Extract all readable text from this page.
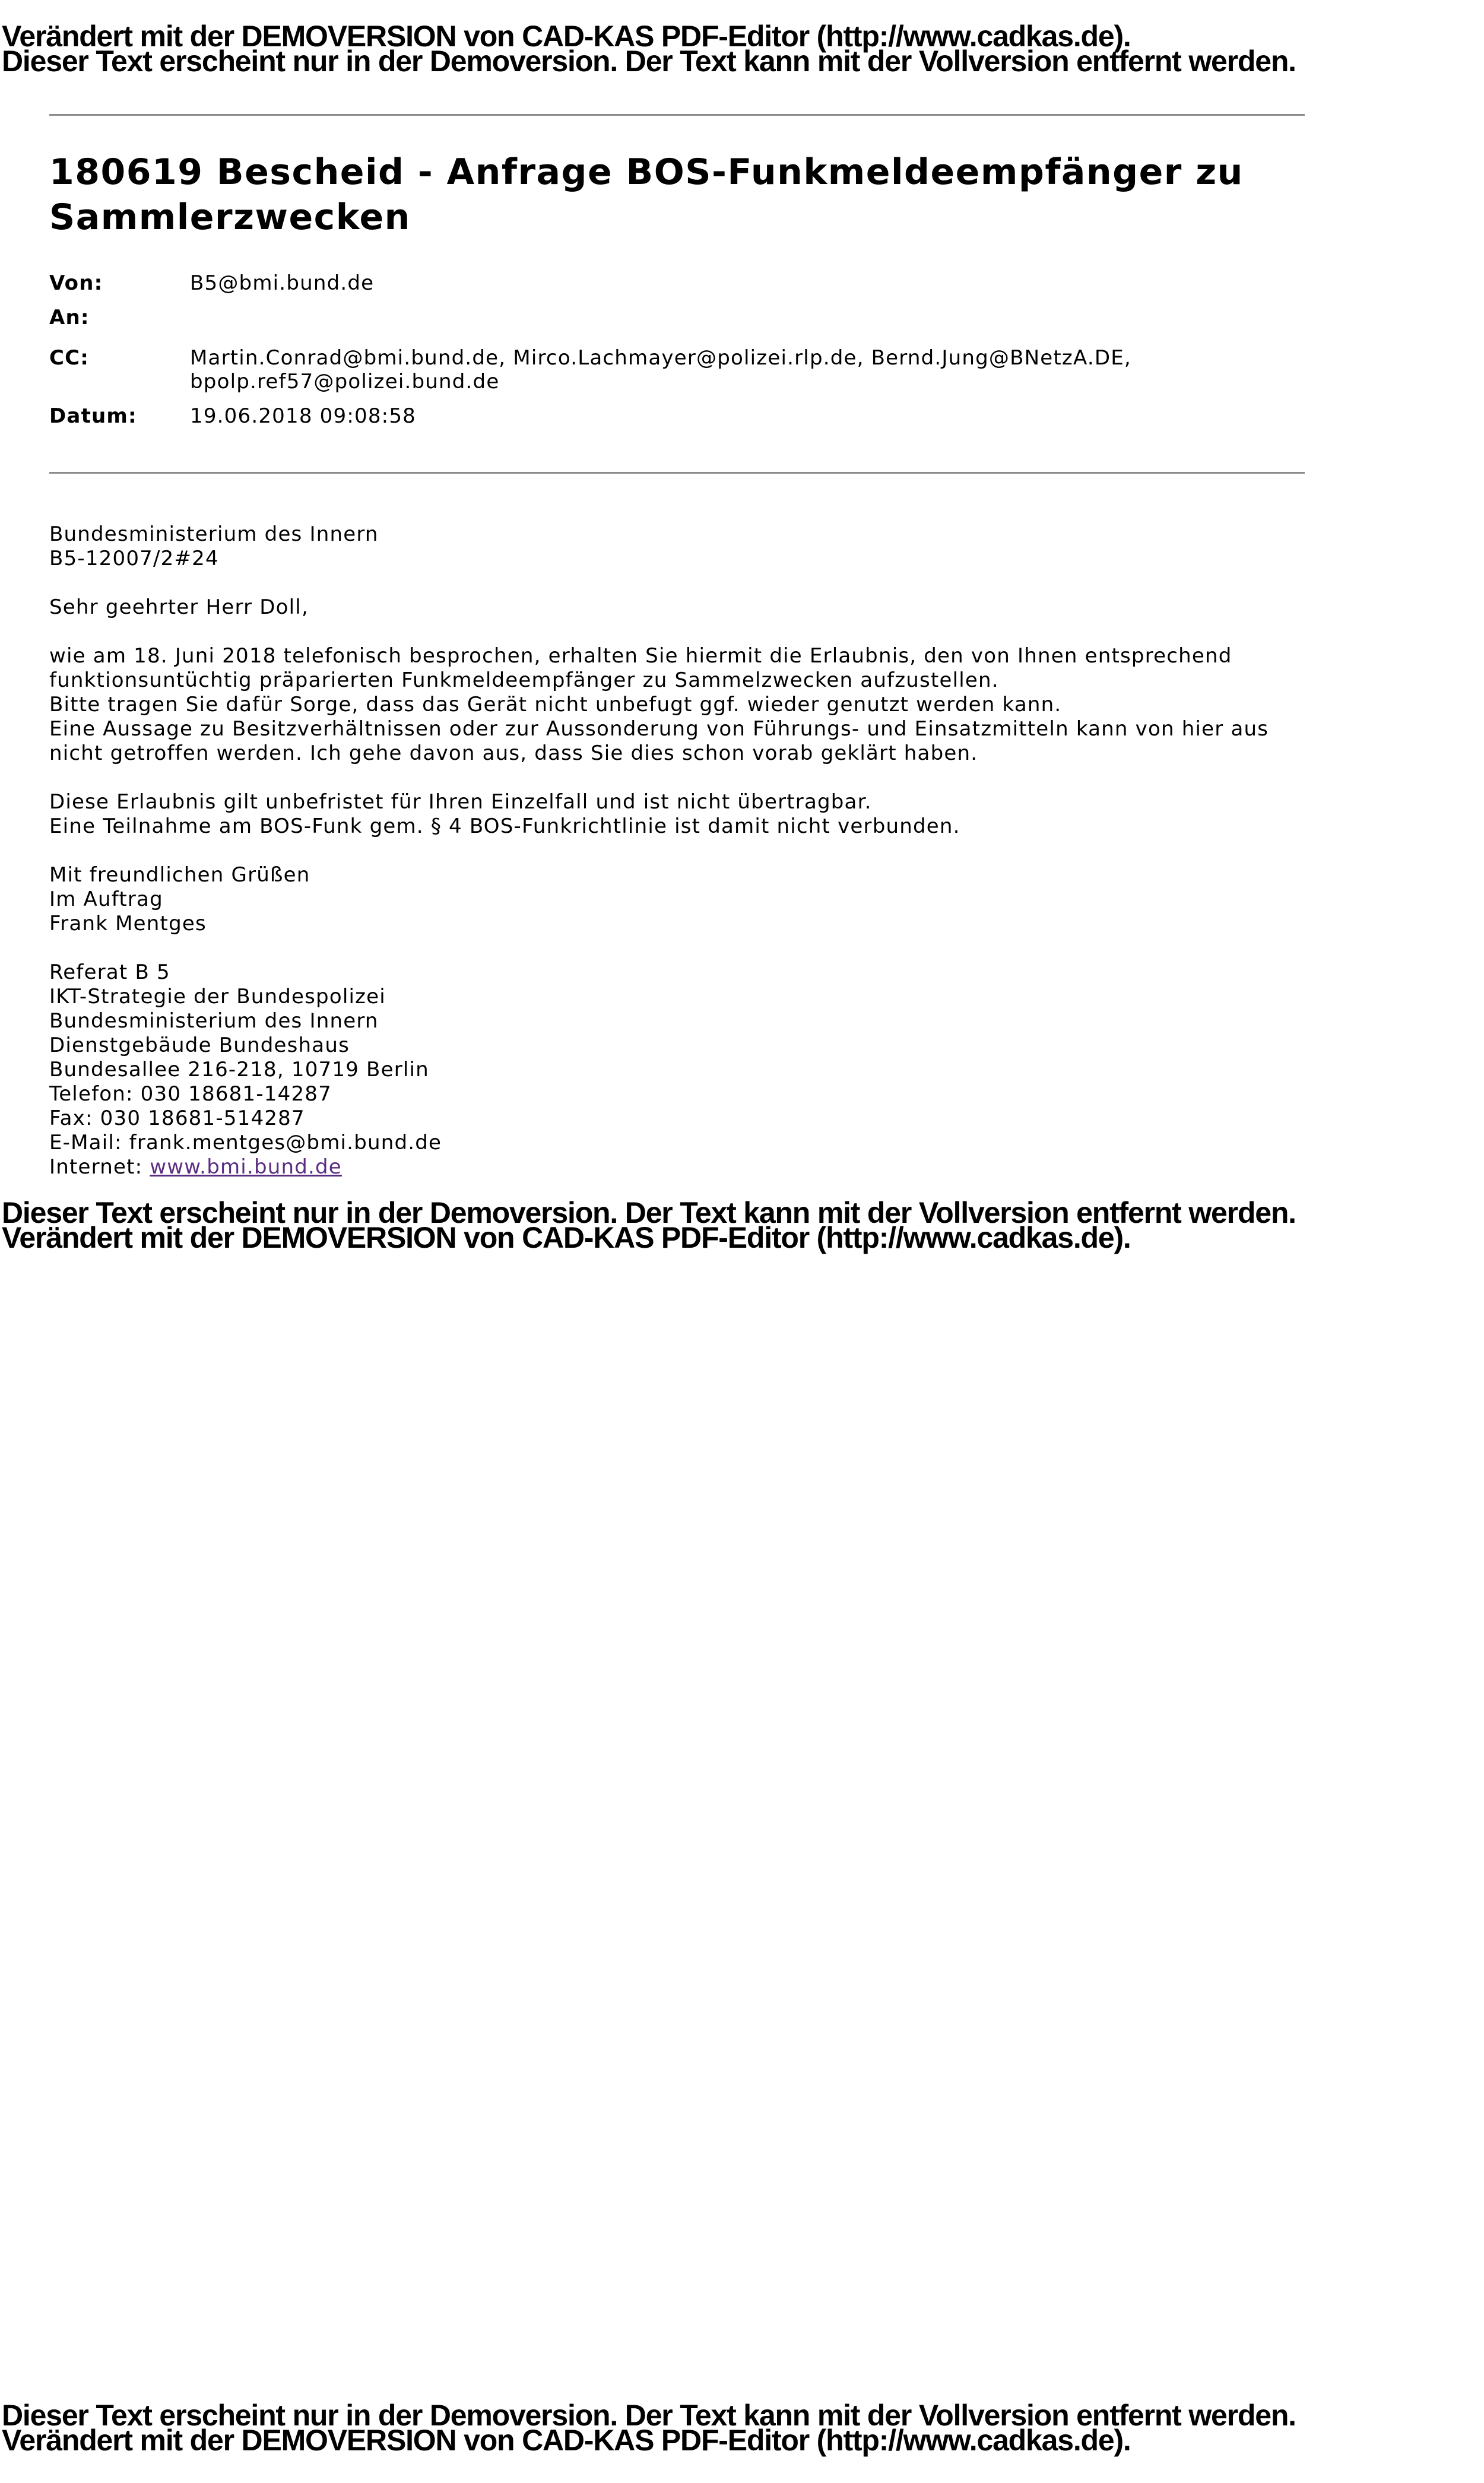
Verändert mit der DEMOVERSION von CAD-KAS PDF-Editor (http://www.cadkas.de).
Dieser Text erscheint nur in der Demoversion. Der Text kann mit der Vollversion entfernt werden.
180619 Bescheid - Anfrage BOS-Funkmeldeempfänger zu
Sammlerzwecken
Von:	B5@bmi.bund.de
An:
CC:	Martin.Conrad@bmi.bund.de, Mirco.Lachmayer@polizei.rlp.de, Bernd.Jung@BNetzA.DE,
bpolp.ref57@polizei.bund.de
Datum:	19.06.2018 09:08:58
Bundesministerium des Innern
B5-12007/2#24
Sehr geehrter Herr Doll,
wie am 18. Juni 2018 telefonisch besprochen, erhalten Sie hiermit die Erlaubnis, den von Ihnen entsprechend
funktionsuntüchtig präparierten Funkmeldeempfänger zu Sammelzwecken aufzustellen.
Bitte tragen Sie dafür Sorge, dass das Gerät nicht unbefugt ggf. wieder genutzt werden kann.
Eine Aussage zu Besitzverhältnissen oder zur Aussonderung von Führungs- und Einsatzmitteln kann von hier aus
nicht getroffen werden. Ich gehe davon aus, dass Sie dies schon vorab geklärt haben.
Diese Erlaubnis gilt unbefristet für Ihren Einzelfall und ist nicht übertragbar.
Eine Teilnahme am BOS-Funk gem. § 4 BOS-Funkrichtlinie ist damit nicht verbunden.
Mit freundlichen Grüßen
Im Auftrag
Frank Mentges
Referat B 5
IKT-Strategie der Bundespolizei
Bundesministerium des Innern
Dienstgebäude Bundeshaus
Bundesallee 216-218, 10719 Berlin
Telefon: 030 18681-14287
Fax: 030 18681-514287
E-Mail: frank.mentges@bmi.bund.de
Internet: www.bmi.bund.de
Dieser Text erscheint nur in der Demoversion. Der Text kann mit der Vollversion entfernt werden.
Verändert mit der DEMOVERSION von CAD-KAS PDF-Editor (http://www.cadkas.de).
Dieser Text erscheint nur in der Demoversion. Der Text kann mit der Vollversion entfernt werden.
Verändert mit der DEMOVERSION von CAD-KAS PDF-Editor (http://www.cadkas.de).
